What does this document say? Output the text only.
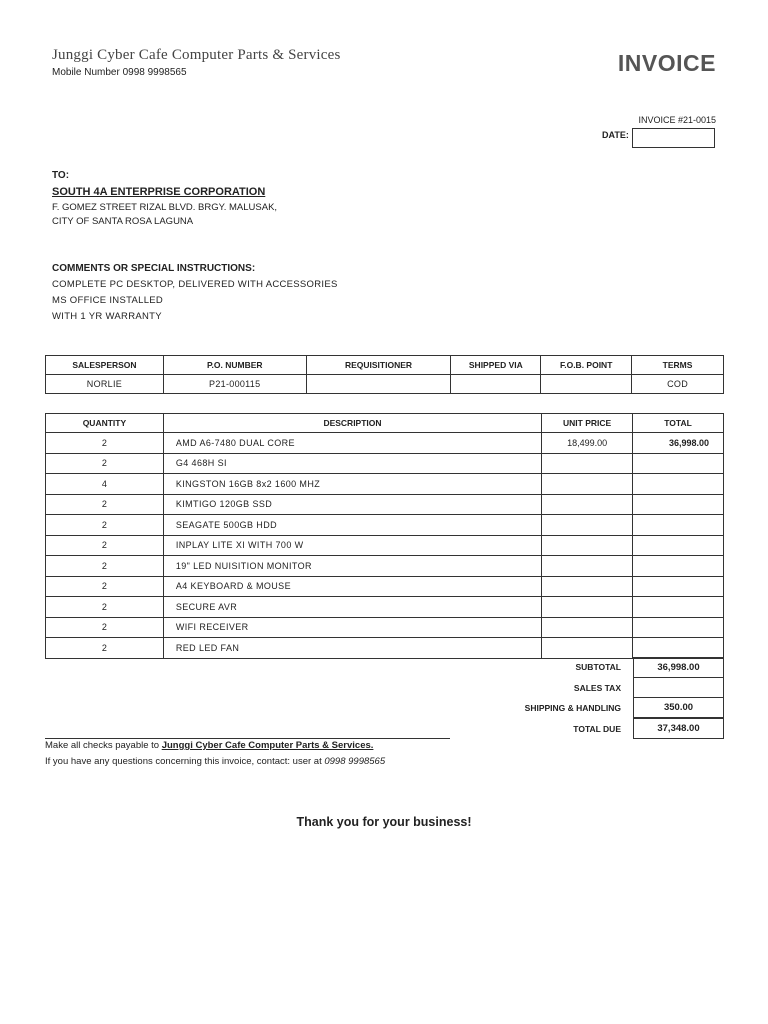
Junggi Cyber Cafe Computer Parts & Services
Mobile Number 0998 9998565	INVOICE
INVOICE #21-0015
DATE:
TO:
SOUTH 4A ENTERPRISE CORPORATION
F. GOMEZ STREET RIZAL BLVD. BRGY. MALUSAK,
CITY OF SANTA ROSA LAGUNA
COMMENTS OR SPECIAL INSTRUCTIONS:
COMPLETE PC DESKTOP, DELIVERED WITH ACCESSORIES
MS OFFICE INSTALLED
WITH 1 YR WARRANTY
SALESPERSON	P.O. NUMBER	REQUISITIONER	SHIPPED VIA	F.O.B. POINT	TERMS
NORLIE	P21-000115				COD
QUANTITY	DESCRIPTION	UNIT PRICE	TOTAL
2	AMD A6-7480 DUAL CORE	18,499.00	36,998.00
2	G4 468H SI		
4	KINGSTON 16GB 8x2 1600 MHZ		
2	KIMTIGO 120GB SSD		
2	SEAGATE 500GB HDD		
2	INPLAY LITE XI WITH 700 W		
2	19" LED NUISITION MONITOR		
2	A4 KEYBOARD & MOUSE		
2	SECURE AVR		
2	WIFI RECEIVER		
2	RED LED FAN		
SUBTOTAL	36,998.00
SALES TAX
SHIPPING & HANDLING	350.00
TOTAL DUE	37,348.00
Make all checks payable to Junggi Cyber Cafe Computer Parts & Services.
If you have any questions concerning this invoice, contact: user at 0998 9998565
Thank you for your business!
